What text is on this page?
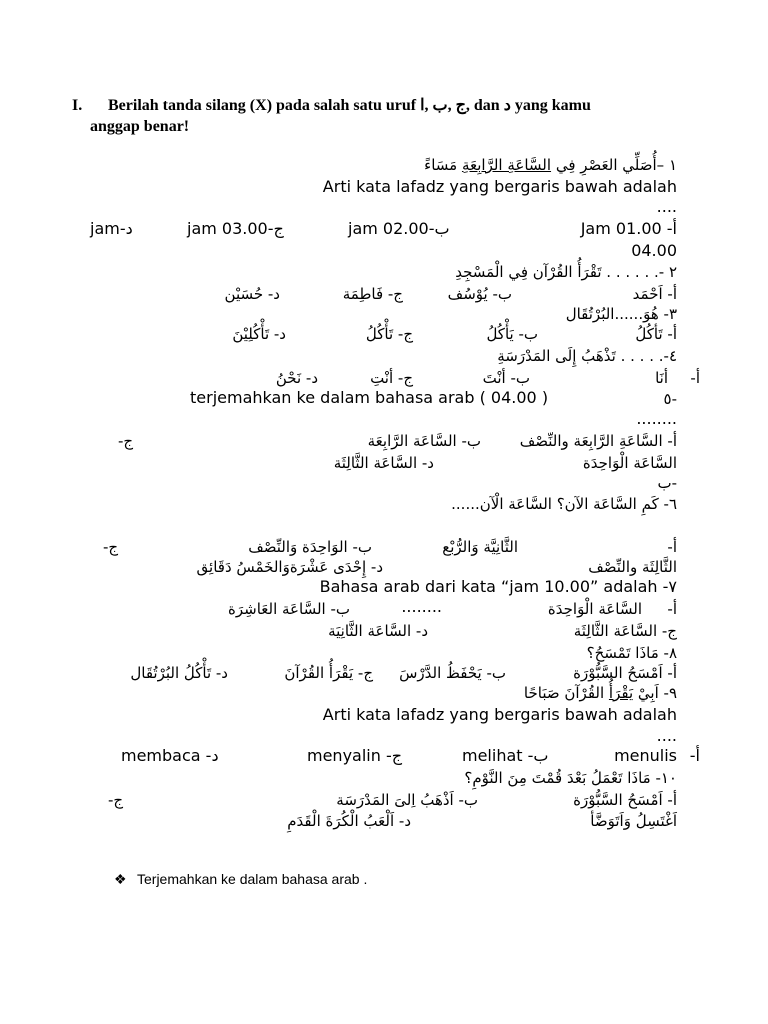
I. Berilah tanda silang (X) pada salah satu uruf ج ,ب ,ا, dan د yang kamu
anggap benar!
١ –أُصَلِّي العَصْرِ فِي السَّاعَةِ الرَّابِعَةِ مَسَاءً
Arti kata lafadz yang bergaris bawah adalah
....
Jam 01.00 -أ
jam 02.00-ب
jam 03.00-ج
jam-د
04.00
٢ -. . . . . . تَقْرَأُ القُرْآن فِي الْمَسْجِدِ
أ- اَحْمَد
ب- يُوْسُف
ج- فَاطِمَة
د- حُسَيْن
٣- هُوَ......البُرْتُقَال
أ- تَأكُلُ
ب- يَأْكُلُ
ج- تَأْكُلُ
د- تَأْكُلِيْنَ
٤-. . . . . تَذْهَبُ إِلَى المَدْرَسَةِ
أ-
أنَا
ب- أنْتَ
ج- أنْتِ
د- نَحْنُ
-٥
terjemahkan ke dalam bahasa arab ( 04.00 )
........
أ- السَّاعَةِ الرَّابِعَة والنِّصْف
ب- السَّاعَة الرَّابِعَة
-ج
السَّاعَة الْوَاحِدَة
د- السَّاعَة الثَّالِثَة
-ب
٦- كَمِ السَّاعَة الآن؟ السَّاعَة الْآن......
أ-
الثَّانِيَّة وَالرُّبْع
ب- الوَاحِدَة وَالنِّصْف
-ج
الثَّالِثَة والنِّصْف
د- إِحْدَى عَشْرَةوَالخَمْسُ دَقَائِق
Bahasa arab dari kata “jam 10.00” adalah -٧
........	أ-
السَّاعَة الْوَاحِدَة
ب- السَّاعَة العَاشِرَة
ج- السَّاعَة الثَّالِثَة
د- السَّاعَة الثَّانِيَة
٨- مَاذَا تَمْسَحُ؟
أ- اَمْسَحُ السَّبُّوْرَة
ب- يَحْفَظُ الدَّرْسَ
ج- يَقْرَأُ القُرْآنَ
د- تَأْكُلُ البُرْتُقَال
٩- اَبِيْ يَقْرَأُ القُرْآنَ صَبَاحًا
Arti kata lafadz yang bergaris bawah adalah
....
-أ
menulis
melihat -ب
menyalin -ج
membaca -د
١٠- مَاذَا تَعْمَلُ بَعْدَ قُمْتَ مِنَ النَّوْمِ؟
أ- اَمْسَحُ السَّبُّوْرَة
ب- اَذْهَبُ اِلىَ المَدْرَسَة
-ج
اَغْتَسِلُ وَاَتَوَضَّأ
د- اَلْعَبُ الْكُرَةَ الْقَدَمِ
❖ Terjemahkan ke dalam bahasa arab .
